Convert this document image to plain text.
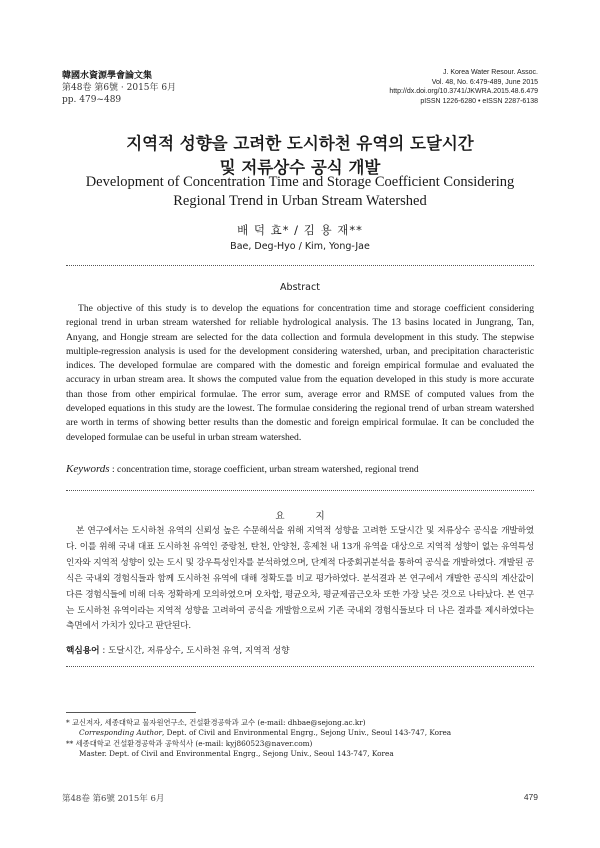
韓國水資源學會論文集
第48卷 第6號 · 2015年 6月
pp. 479~489
J. Korea Water Resour. Assoc.
Vol. 48, No. 6:479-489, June 2015
http://dx.doi.org/10.3741/JKWRA.2015.48.6.479
pISSN 1226-6280 • eISSN 2287-6138
지역적 성향을 고려한 도시하천 유역의 도달시간
및 저류상수 공식 개발
Development of Concentration Time and Storage Coefficient Considering
Regional Trend in Urban Stream Watershed
배 덕 효* / 김 용 재**
Bae, Deg-Hyo / Kim, Yong-Jae
Abstract

The objective of this study is to develop the equations for concentration time and storage coefficient considering regional trend in urban stream watershed for reliable hydrological analysis. The 13 basins located in Jungrang, Tan, Anyang, and Hongje stream are selected for the data collection and formula development in this study. The stepwise multiple-regression analysis is used for the development considering watershed, urban, and precipitation characteristic indices. The developed formulae are compared with the domestic and foreign empirical formulae and evaluated the accuracy in urban stream area. It shows the computed value from the equation developed in this study is more accurate than those from other empirical formulae. The error sum, average error and RMSE of computed values from the developed equations in this study are the lowest. The formulae considering the regional trend of urban stream watershed are worth in terms of showing better results than the domestic and foreign empirical formulae. It can be concluded the developed formulae can be useful in urban stream watershed.

Keywords : concentration time, storage coefficient, urban stream watershed, regional trend
요 지

본 연구에서는 도시하천 유역의 신뢰성 높은 수문해석을 위해 지역적 성향을 고려한 도달시간 및 저류상수 공식을 개발하였다. 이를 위해 국내 대표 도시하천 유역인 중랑천, 탄천, 안양천, 홍제천 내 13개 유역을 대상으로 지역적 성향이 없는 유역특성인자와 지역적 성향이 있는 도시 및 강우특성인자를 분석하였으며, 단계적 다중회귀분석을 통하여 공식을 개발하였다. 개발된 공식은 국내외 경험식들과 함께 도시하천 유역에 대해 정확도를 비교 평가하였다. 분석결과 본 연구에서 개발한 공식의 계산값이 다른 경험식들에 비해 더욱 정확하게 모의하였으며 오차합, 평균오차, 평균제곱근오차 또한 가장 낮은 것으로 나타났다. 본 연구는 도시하천 유역이라는 지역적 성향을 고려하여 공식을 개발함으로써 기존 국내외 경험식들보다 더 나은 결과를 제시하였다는 측면에서 가치가 있다고 판단된다.

핵심용어 : 도달시간, 저류상수, 도시하천 유역, 지역적 성향
* 교신저자, 세종대학교 물자원연구소, 건설환경공학과 교수 (e-mail: dhbae@sejong.ac.kr)
Corresponding Author, Dept. of Civil and Environmental Engrg., Sejong Univ., Seoul 143-747, Korea
** 세종대학교 건설환경공학과 공학석사 (e-mail: kyj860523@naver.com)
Master. Dept. of Civil and Environmental Engrg., Sejong Univ., Seoul 143-747, Korea
第48卷 第6號 2015年 6月	479
